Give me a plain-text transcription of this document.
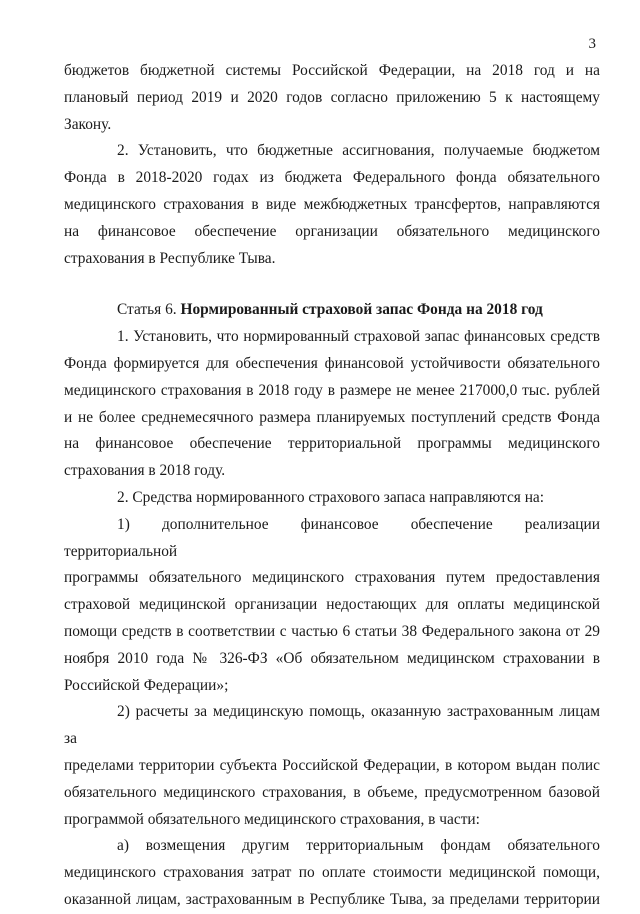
3

бюджетов бюджетной системы Российской Федерации, на 2018 год и на
плановый период 2019 и 2020 годов согласно приложению 5 к настоящему
Закону.

2. Установить, что бюджетные ассигнования, получаемые бюджетом
Фонда в 2018-2020 годах из бюджета Федерального фонда обязательного
медицинского страхования в виде межбюджетных трансфертов, направляются
на финансовое обеспечение организации обязательного медицинского
страхования в Республике Тыва.

Статья 6. Нормированный страховой запас Фонда на 2018 год

1. Установить, что нормированный страховой запас финансовых средств
Фонда формируется для обеспечения финансовой устойчивости обязательного
медицинского страхования в 2018 году в размере не менее 217000,0 тыс. рублей
и не более среднемесячного размера планируемых поступлений средств Фонда
на финансовое обеспечение территориальной программы медицинского
страхования в 2018 году.

2. Средства нормированного страхового запаса направляются на:

1) дополнительное финансовое обеспечение реализации территориальной
программы обязательного медицинского страхования путем предоставления
страховой медицинской организации недостающих для оплаты медицинской
помощи средств в соответствии с частью 6 статьи 38 Федерального закона от 29
ноября 2010 года № 326-ФЗ «Об обязательном медицинском страховании в
Российской Федерации»;

2) расчеты за медицинскую помощь, оказанную застрахованным лицам за
пределами территории субъекта Российской Федерации, в котором выдан полис
обязательного медицинского страхования, в объеме, предусмотренном базовой
программой обязательного медицинского страхования, в части:

а) возмещения другим территориальным фондам обязательного
медицинского страхования затрат по оплате стоимости медицинской помощи,
оказанной лицам, застрахованным в Республике Тыва, за пределами территории
